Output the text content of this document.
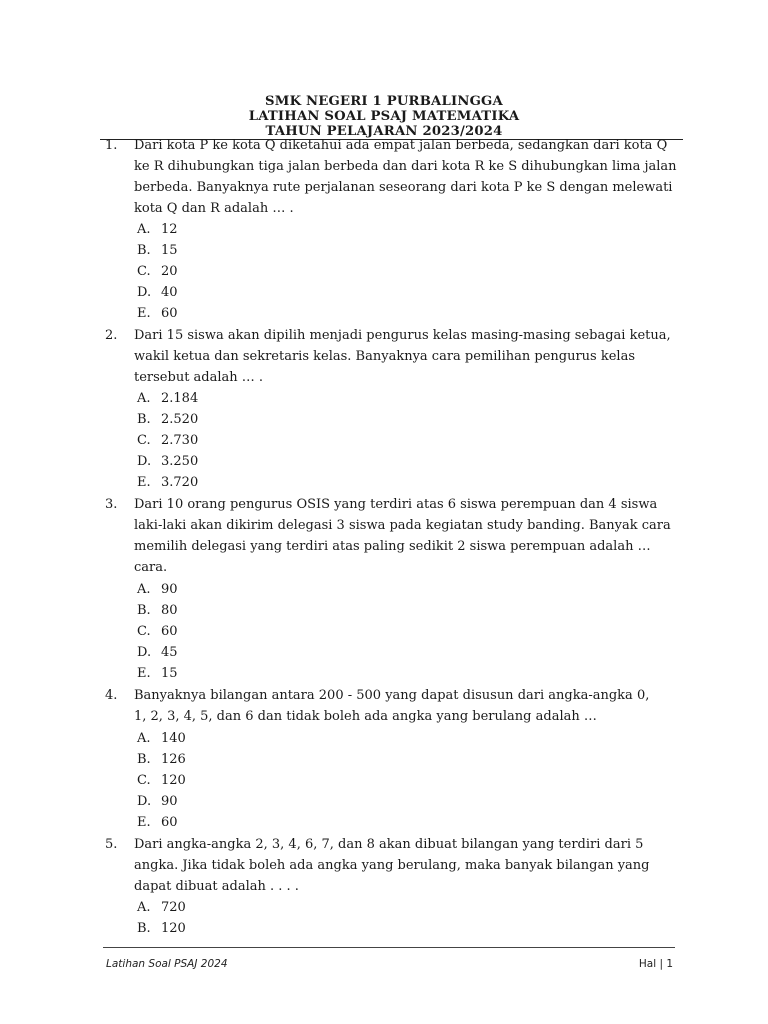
SMK NEGERI 1 PURBALINGGA
LATIHAN SOAL PSAJ MATEMATIKA
TAHUN PELAJARAN 2023/2024
1. Dari kota P ke kota Q diketahui ada empat jalan berbeda, sedangkan dari kota Q
ke R dihubungkan tiga jalan berbeda dan dari kota R ke S dihubungkan lima jalan
berbeda. Banyaknya rute perjalanan seseorang dari kota P ke S dengan melewati
kota Q dan R adalah … .
A. 12
B. 15
C. 20
D. 40
E. 60
2. Dari 15 siswa akan dipilih menjadi pengurus kelas masing-masing sebagai ketua,
wakil ketua dan sekretaris kelas. Banyaknya cara pemilihan pengurus kelas
tersebut adalah … .
A. 2.184
B. 2.520
C. 2.730
D. 3.250
E. 3.720
3. Dari 10 orang pengurus OSIS yang terdiri atas 6 siswa perempuan dan 4 siswa
laki-laki akan dikirim delegasi 3 siswa pada kegiatan study banding. Banyak cara
memilih delegasi yang terdiri atas paling sedikit 2 siswa perempuan adalah …
cara.
A. 90
B. 80
C. 60
D. 45
E. 15
4. Banyaknya bilangan antara 200 - 500 yang dapat disusun dari angka-angka 0,
1, 2, 3, 4, 5, dan 6 dan tidak boleh ada angka yang berulang adalah …
A. 140
B. 126
C. 120
D. 90
E. 60
5. Dari angka-angka 2, 3, 4, 6, 7, dan 8 akan dibuat bilangan yang terdiri dari 5
angka. Jika tidak boleh ada angka yang berulang, maka banyak bilangan yang
dapat dibuat adalah . . . .
A. 720
B. 120
Latihan Soal PSAJ 2024	Hal | 1
